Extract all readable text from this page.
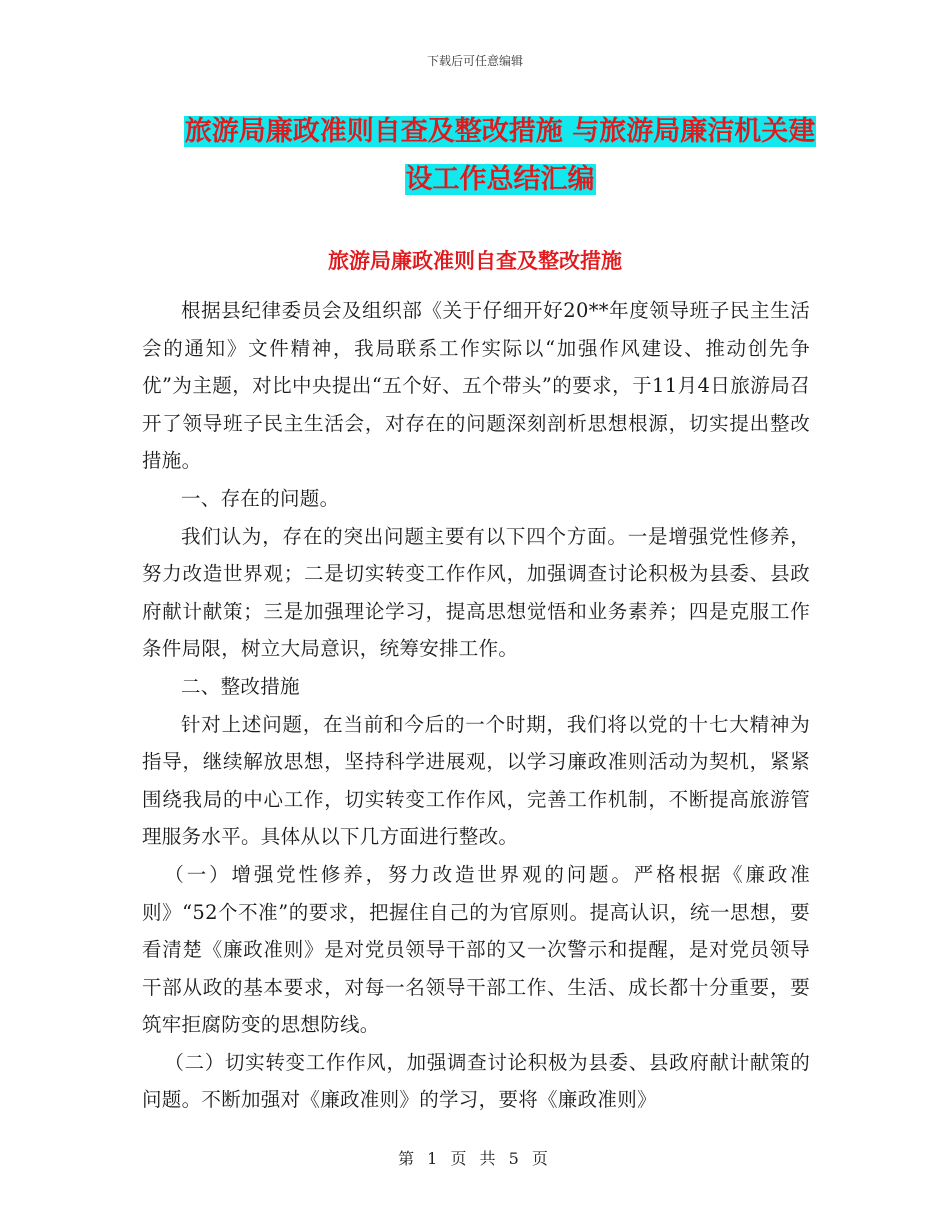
下载后可任意编辑
旅游局廉政准则自查及整改措施 与旅游局廉洁机关建
设工作总结汇编
旅游局廉政准则自查及整改措施

根据县纪律委员会及组织部《关于仔细开好20**年度领导班子民主生活会的通知》文件精神，我局联系工作实际以“加强作风建设、推动创先争优”为主题，对比中央提出“五个好、五个带头”的要求，于11月4日旅游局召开了领导班子民主生活会，对存在的问题深刻剖析思想根源，切实提出整改措施。

一、存在的问题。

我们认为，存在的突出问题主要有以下四个方面。一是增强党性修养，努力改造世界观；二是切实转变工作作风，加强调查讨论积极为县委、县政府献计献策；三是加强理论学习，提高思想觉悟和业务素养；四是克服工作条件局限，树立大局意识，统筹安排工作。

二、整改措施

针对上述问题，在当前和今后的一个时期，我们将以党的十七大精神为指导，继续解放思想，坚持科学进展观，以学习廉政准则活动为契机，紧紧围绕我局的中心工作，切实转变工作作风，完善工作机制，不断提高旅游管理服务水平。具体从以下几方面进行整改。

（一）增强党性修养，努力改造世界观的问题。严格根据《廉政准则》“52个不准”的要求，把握住自己的为官原则。提高认识，统一思想，要看清楚《廉政准则》是对党员领导干部的又一次警示和提醒，是对党员领导干部从政的基本要求，对每一名领导干部工作、生活、成长都十分重要，要筑牢拒腐防变的思想防线。

（二）切实转变工作作风，加强调查讨论积极为县委、县政府献计献策的问题。不断加强对《廉政准则》的学习，要将《廉政准则》

第 1 页 共 5 页
